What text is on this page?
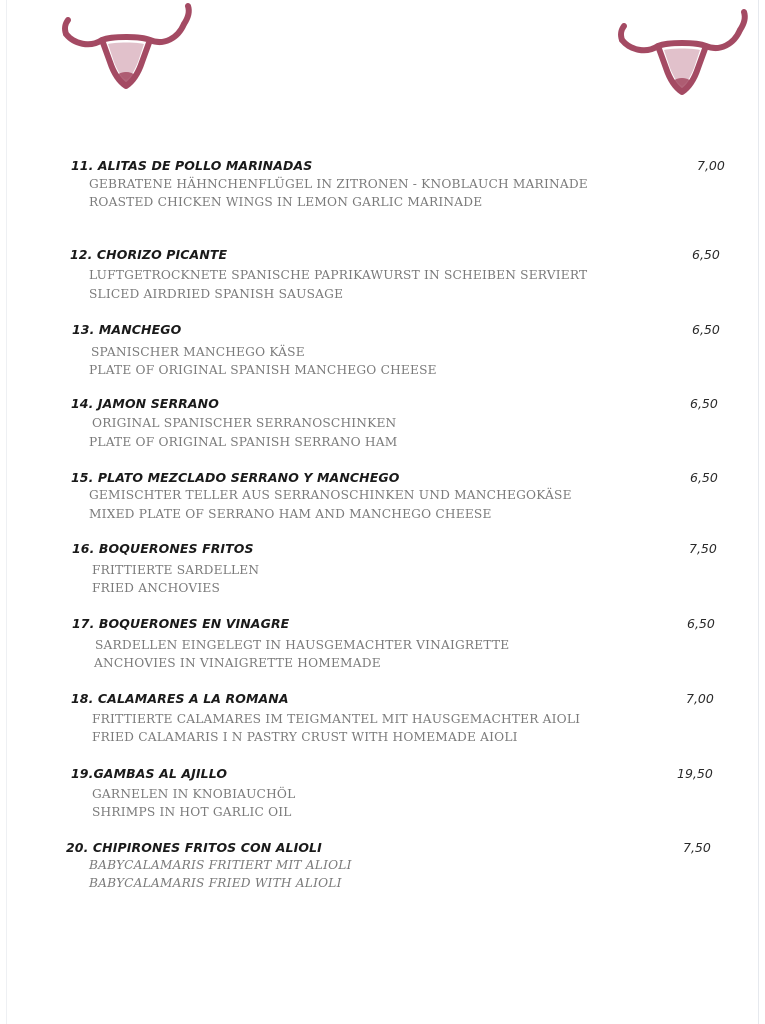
11. ALITAS DE POLLO MARINADAS	7,00
GEBRATENE HÄHNCHENFLÜGEL IN ZITRONEN - KNOBLAUCH MARINADE
ROASTED CHICKEN WINGS IN LEMON GARLIC MARINADE
12. CHORIZO PICANTE	6,50
LUFTGETROCKNETE SPANISCHE PAPRIKAWURST IN SCHEIBEN SERVIERT
SLICED AIRDRIED SPANISH SAUSAGE
13. MANCHEGO	6,50
SPANISCHER MANCHEGO KÄSE
PLATE OF ORIGINAL SPANISH MANCHEGO CHEESE
14. JAMON SERRANO	6,50
ORIGINAL SPANISCHER SERRANOSCHINKEN
PLATE OF ORIGINAL SPANISH SERRANO HAM
15. PLATO MEZCLADO SERRANO Y MANCHEGO	6,50
GEMISCHTER TELLER AUS SERRANOSCHINKEN UND MANCHEGOKÄSE
MIXED PLATE OF SERRANO HAM AND MANCHEGO CHEESE
16. BOQUERONES FRITOS	7,50
FRITTIERTE SARDELLEN
FRIED ANCHOVIES
17. BOQUERONES EN VINAGRE	6,50
SARDELLEN EINGELEGT IN HAUSGEMACHTER VINAIGRETTE
ANCHOVIES IN VINAIGRETTE HOMEMADE
18. CALAMARES A LA ROMANA	7,00
FRITTIERTE CALAMARES IM TEIGMANTEL MIT HAUSGEMACHTER AIOLI
FRIED CALAMARIS I N PASTRY CRUST WITH HOMEMADE AIOLI
19.GAMBAS AL AJILLO	19,50
GARNELEN IN KNOBIAUCHÖL
SHRIMPS IN HOT GARLIC OIL
20. CHIPIRONES FRITOS CON ALIOLI	7,50
BABYCALAMARIS FRITIERT MIT ALIOLI
BABYCALAMARIS FRIED WITH ALIOLI
